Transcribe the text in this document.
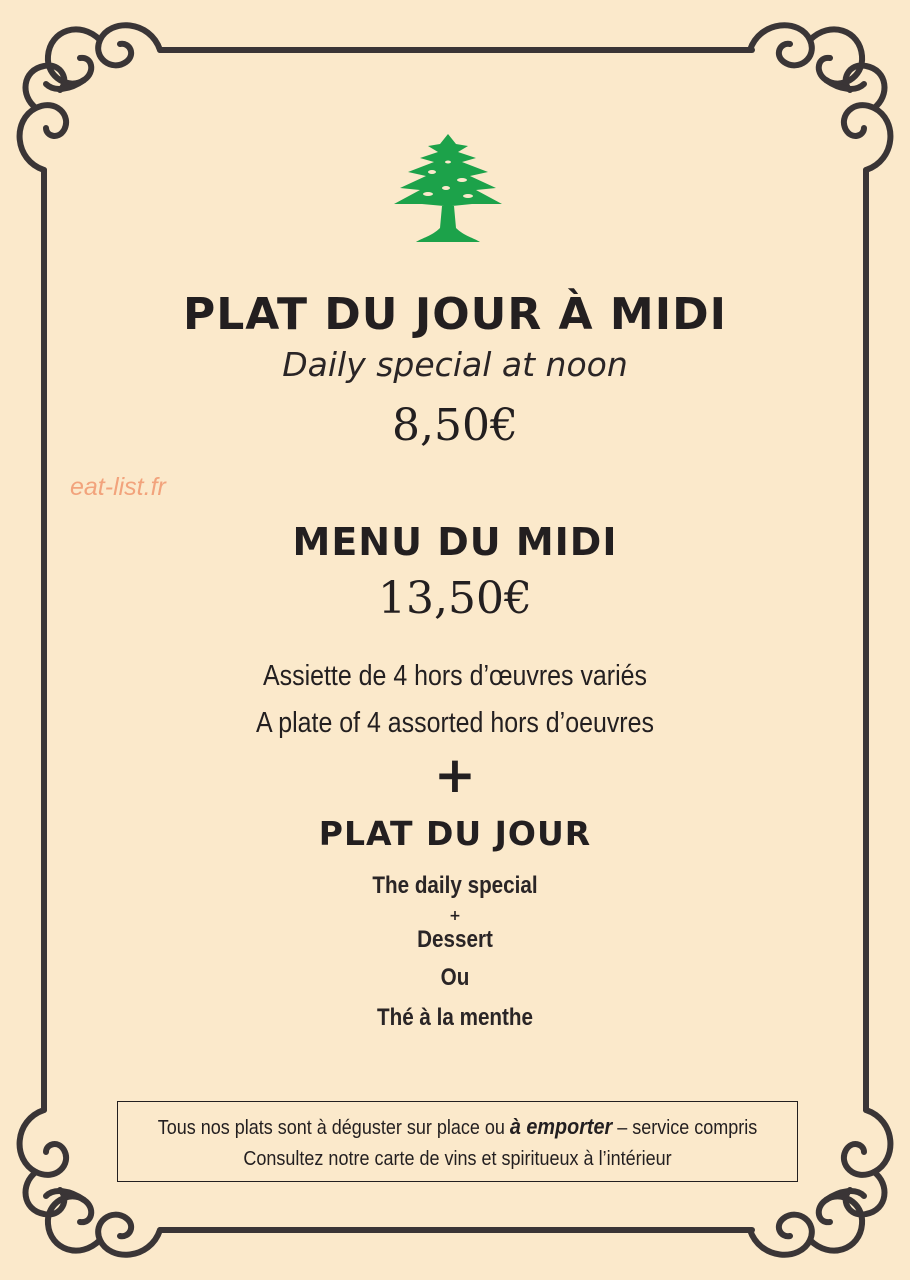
PLAT DU JOUR À MIDI
Daily special at noon
8,50€
eat-list.fr
MENU DU MIDI
13,50€
Assiette de 4 hors d’œuvres variés
A plate of 4 assorted hors d’oeuvres
+
PLAT DU JOUR
The daily special
+
Dessert
Ou
Thé à la menthe
Tous nos plats sont à déguster sur place ou à emporter – service compris
Consultez notre carte de vins et spiritueux à l’intérieur
